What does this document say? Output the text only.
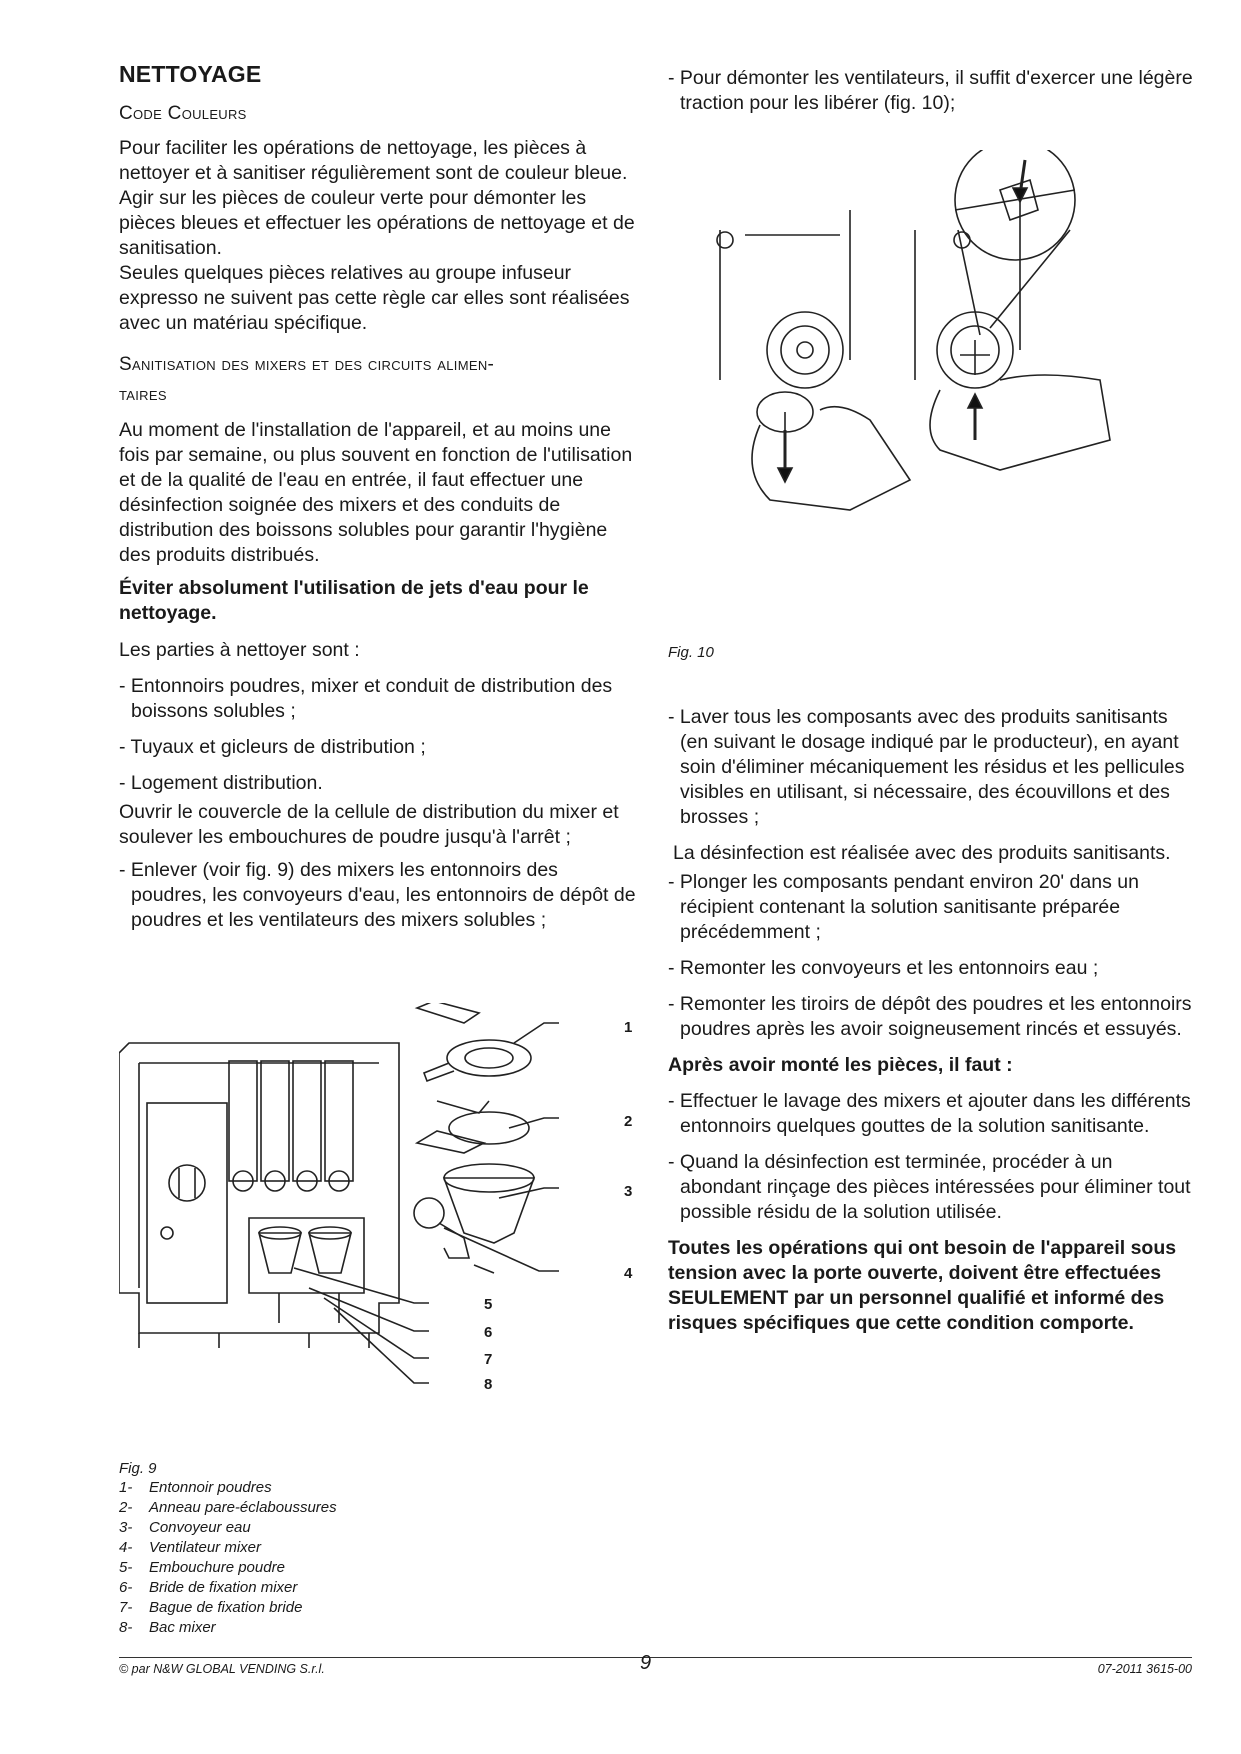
NETTOYAGE
Code Couleurs

Pour faciliter les opérations de nettoyage, les pièces à nettoyer et à sanitiser régulièrement sont de couleur bleue.

Agir sur les pièces de couleur verte pour démonter les pièces bleues et effectuer les opérations de nettoyage et de sanitisation.

Seules quelques pièces relatives au groupe infuseur expresso ne suivent pas cette règle car elles sont réalisées avec un matériau spécifique.

Sanitisation des mixers et des circuits alimen-
taires

Au moment de l'installation de l'appareil, et au moins une fois par semaine, ou plus souvent en fonction de l'utilisation et de la qualité de l'eau en entrée, il faut effectuer une désinfection soignée des mixers et des conduits de distribution des boissons solubles pour garantir l'hygiène des produits distribués.

Éviter absolument l'utilisation de jets d'eau pour le nettoyage.

Les parties à nettoyer sont :

- Entonnoirs poudres, mixer et conduit de distribution des boissons solubles ;

- Tuyaux et gicleurs de distribution ;

- Logement distribution.

Ouvrir le couvercle de la cellule de distribution du mixer et soulever les embouchures de poudre jusqu'à l'arrêt ;

- Enlever (voir fig. 9) des mixers les entonnoirs des poudres, les convoyeurs d'eau, les entonnoirs de dépôt de poudres et les ventilateurs des mixers solubles ;

1
2
3
4
5
6
7
8
Fig. 9
1- Entonnoir poudres
2- Anneau pare-éclaboussures
3- Convoyeur eau
4- Ventilateur mixer
5- Embouchure poudre
6- Bride de fixation mixer
7- Bague de fixation bride
8- Bac mixer

- Pour démonter les ventilateurs, il suffit d'exercer une légère traction pour les libérer (fig. 10);

Fig. 10

- Laver tous les composants avec des produits sanitisants (en suivant le dosage indiqué par le producteur), en ayant soin d'éliminer mécaniquement les résidus et les pellicules visibles en utilisant, si nécessaire, des écouvillons et des brosses ;

La désinfection est réalisée avec des produits sanitisants.

- Plonger les composants pendant environ 20' dans un récipient contenant la solution sanitisante préparée précédemment ;

- Remonter les convoyeurs et les entonnoirs eau ;

- Remonter les tiroirs de dépôt des poudres et les entonnoirs poudres après les avoir soigneusement rincés et essuyés.

Après avoir monté les pièces, il faut :

- Effectuer le lavage des mixers et ajouter dans les différents entonnoirs quelques gouttes de la solution sanitisante.

- Quand la désinfection est terminée, procéder à un abondant rinçage des pièces intéressées pour éliminer tout possible résidu de la solution utilisée.

Toutes les opérations qui ont besoin de l'appareil sous tension avec la porte ouverte, doivent être effectuées SEULEMENT par un personnel qualifié et informé des risques spécifiques que cette condition comporte.

© par N&W GLOBAL VENDING S.r.l.	9	07-2011 3615-00
